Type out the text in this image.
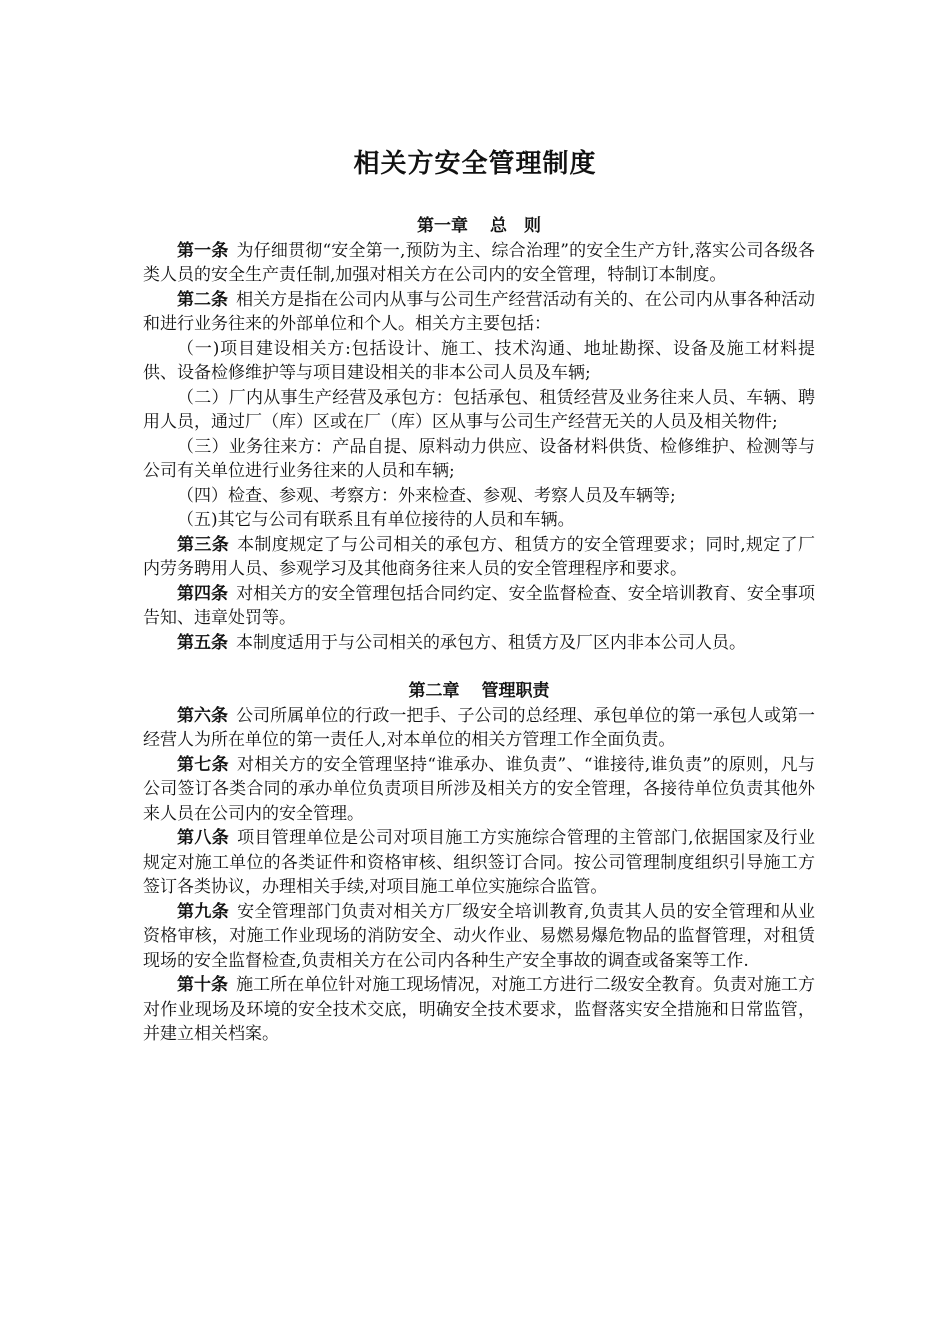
相关方安全管理制度
第一章 总　则

第一条 为仔细贯彻“安全第一,预防为主、综合治理”的安全生产方针,落实公司各级各类人员的安全生产责任制,加强对相关方在公司内的安全管理，特制订本制度。

第二条 相关方是指在公司内从事与公司生产经营活动有关的、在公司内从事各种活动和进行业务往来的外部单位和个人。相关方主要包括：

（一)项目建设相关方:包括设计、施工、技术沟通、地址勘探、设备及施工材料提供、设备检修维护等与项目建设相关的非本公司人员及车辆;

（二）厂内从事生产经营及承包方：包括承包、租赁经营及业务往来人员、车辆、聘用人员，通过厂（库）区或在厂（库）区从事与公司生产经营无关的人员及相关物件;

（三）业务往来方：产品自提、原料动力供应、设备材料供货、检修维护、检测等与公司有关单位进行业务往来的人员和车辆;

（四）检查、参观、考察方：外来检查、参观、考察人员及车辆等;

（五)其它与公司有联系且有单位接待的人员和车辆。

第三条 本制度规定了与公司相关的承包方、租赁方的安全管理要求；同时,规定了厂内劳务聘用人员、参观学习及其他商务往来人员的安全管理程序和要求。

第四条 对相关方的安全管理包括合同约定、安全监督检查、安全培训教育、安全事项告知、违章处罚等。

第五条 本制度适用于与公司相关的承包方、租赁方及厂区内非本公司人员。

第二章 管理职责

第六条 公司所属单位的行政一把手、子公司的总经理、承包单位的第一承包人或第一经营人为所在单位的第一责任人,对本单位的相关方管理工作全面负责。

第七条 对相关方的安全管理坚持“谁承办、谁负责”、“谁接待,谁负责”的原则，凡与公司签订各类合同的承办单位负责项目所涉及相关方的安全管理，各接待单位负责其他外来人员在公司内的安全管理。

第八条 项目管理单位是公司对项目施工方实施综合管理的主管部门,依据国家及行业规定对施工单位的各类证件和资格审核、组织签订合同。按公司管理制度组织引导施工方签订各类协议，办理相关手续,对项目施工单位实施综合监管。

第九条 安全管理部门负责对相关方厂级安全培训教育,负责其人员的安全管理和从业资格审核，对施工作业现场的消防安全、动火作业、易燃易爆危物品的监督管理，对租赁现场的安全监督检查,负责相关方在公司内各种生产安全事故的调查或备案等工作.

第十条 施工所在单位针对施工现场情况，对施工方进行二级安全教育。负责对施工方对作业现场及环境的安全技术交底，明确安全技术要求，监督落实安全措施和日常监管，并建立相关档案。
